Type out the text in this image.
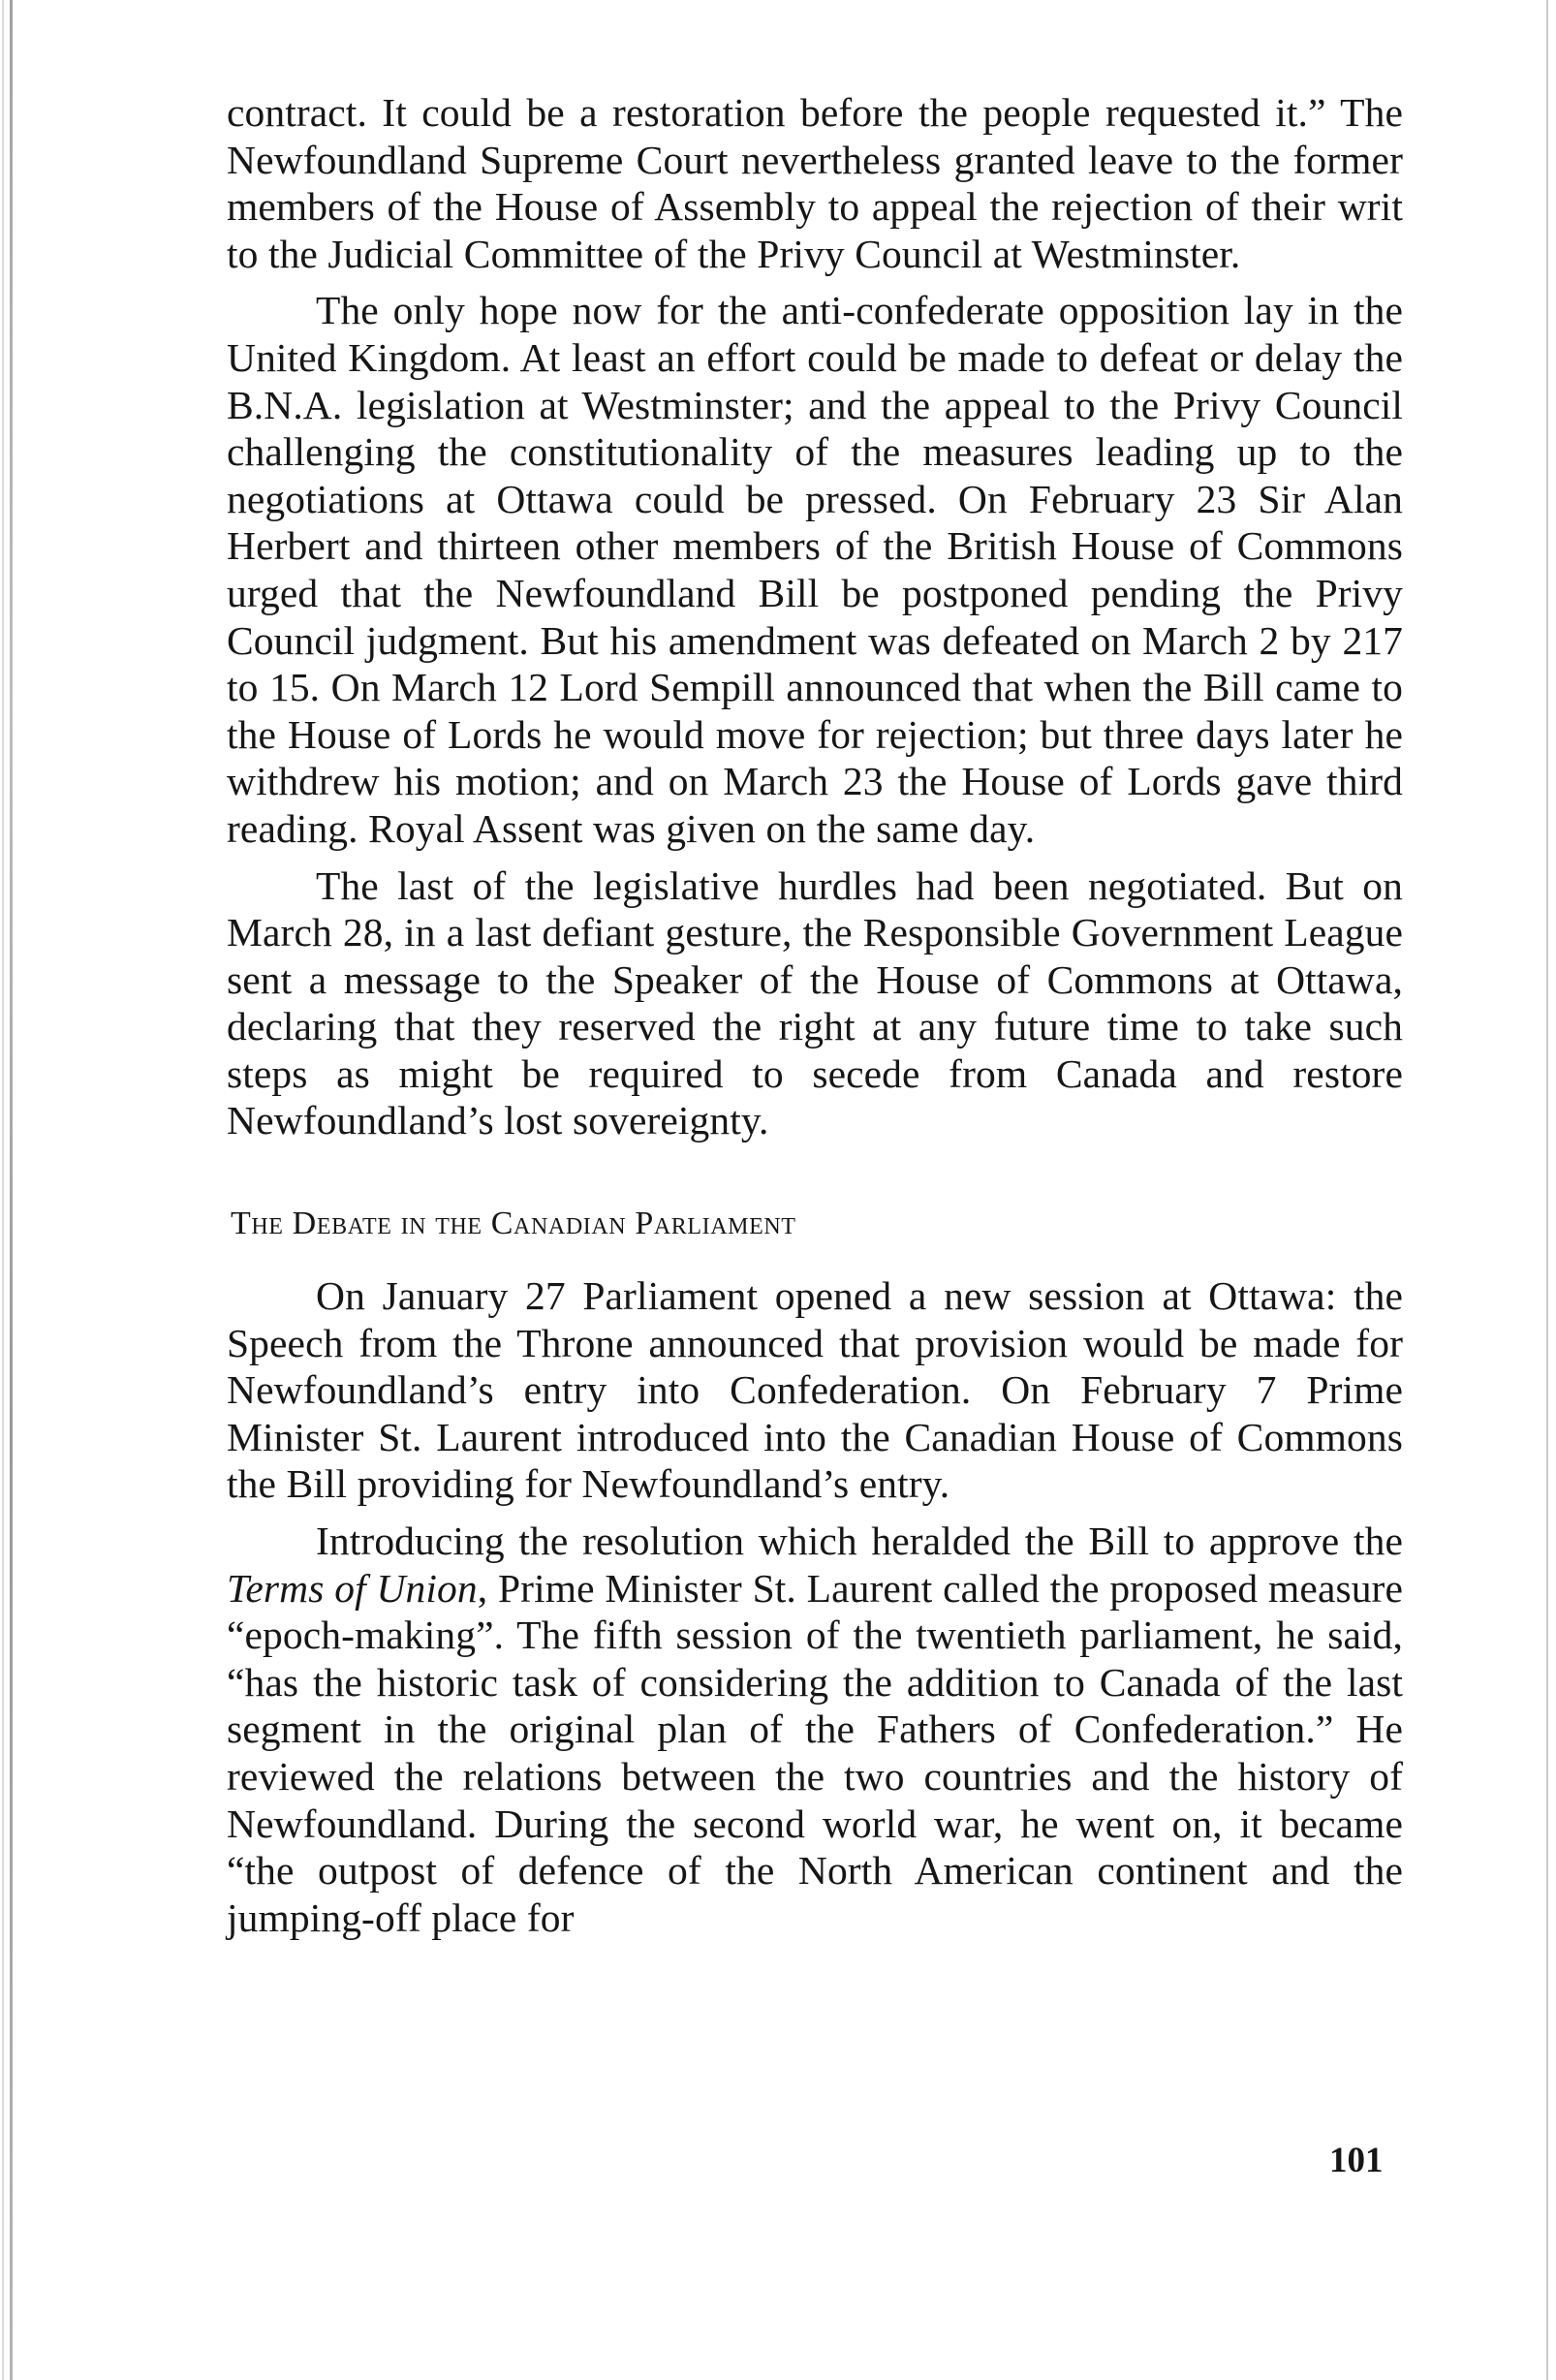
contract. It could be a restoration before the people requested it.” The Newfoundland Supreme Court nevertheless granted leave to the former members of the House of Assembly to appeal the rejection of their writ to the Judicial Committee of the Privy Council at Westminster.

The only hope now for the anti-confederate opposition lay in the United Kingdom. At least an effort could be made to defeat or delay the B.N.A. legislation at Westminster; and the appeal to the Privy Council challenging the constitutionality of the measures leading up to the negotiations at Ottawa could be pressed. On February 23 Sir Alan Herbert and thirteen other members of the British House of Commons urged that the Newfoundland Bill be postponed pending the Privy Council judgment. But his amendment was defeated on March 2 by 217 to 15. On March 12 Lord Sempill announced that when the Bill came to the House of Lords he would move for rejection; but three days later he withdrew his motion; and on March 23 the House of Lords gave third reading. Royal Assent was given on the same day.

The last of the legislative hurdles had been negotiated. But on March 28, in a last defiant gesture, the Responsible Government League sent a message to the Speaker of the House of Commons at Ottawa, declaring that they reserved the right at any future time to take such steps as might be required to secede from Canada and restore Newfoundland’s lost sovereignty.

The Debate in the Canadian Parliament

On January 27 Parliament opened a new session at Ottawa: the Speech from the Throne announced that provision would be made for Newfoundland’s entry into Confederation. On February 7 Prime Minister St. Laurent introduced into the Canadian House of Commons the Bill providing for Newfoundland’s entry.

Introducing the resolution which heralded the Bill to approve the Terms of Union, Prime Minister St. Laurent called the proposed measure “epoch-making”. The fifth session of the twentieth parliament, he said, “has the historic task of considering the addition to Canada of the last segment in the original plan of the Fathers of Confederation.” He reviewed the relations between the two countries and the history of Newfoundland. During the second world war, he went on, it became “the outpost of defence of the North American continent and the jumping-off place for

101
